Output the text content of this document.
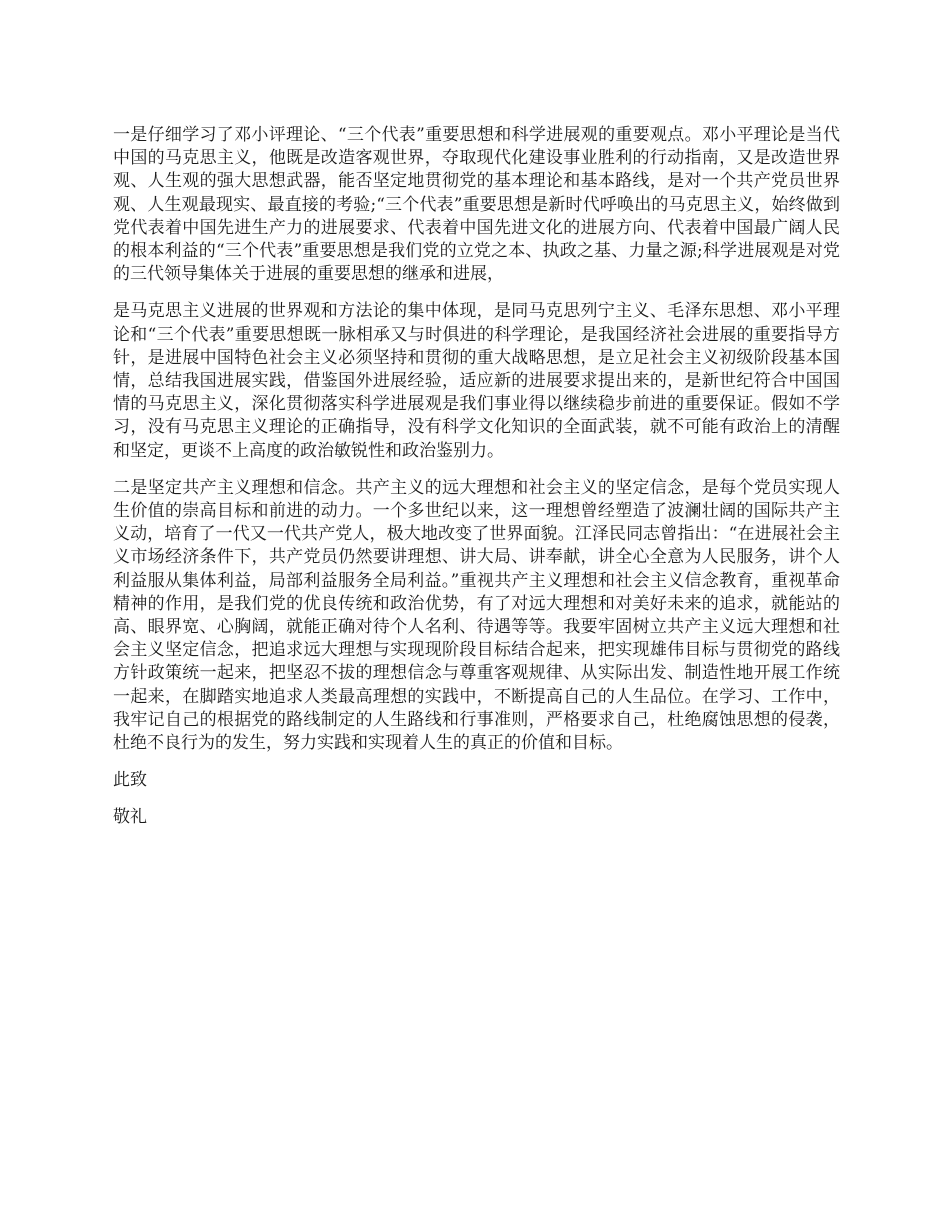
一是仔细学习了邓小评理论、“三个代表”重要思想和科学进展观的重要观点。邓小平理论是当代中国的马克思主义，他既是改造客观世界，夺取现代化建设事业胜利的行动指南，又是改造世界观、人生观的强大思想武器，能否坚定地贯彻党的基本理论和基本路线，是对一个共产党员世界观、人生观最现实、最直接的考验;“三个代表”重要思想是新时代呼唤出的马克思主义，始终做到党代表着中国先进生产力的进展要求、代表着中国先进文化的进展方向、代表着中国最广阔人民的根本利益的“三个代表”重要思想是我们党的立党之本、执政之基、力量之源;科学进展观是对党的三代领导集体关于进展的重要思想的继承和进展，

是马克思主义进展的世界观和方法论的集中体现，是同马克思列宁主义、毛泽东思想、邓小平理论和“三个代表”重要思想既一脉相承又与时俱进的科学理论，是我国经济社会进展的重要指导方针，是进展中国特色社会主义必须坚持和贯彻的重大战略思想，是立足社会主义初级阶段基本国情，总结我国进展实践，借鉴国外进展经验，适应新的进展要求提出来的，是新世纪符合中国国情的马克思主义，深化贯彻落实科学进展观是我们事业得以继续稳步前进的重要保证。假如不学习，没有马克思主义理论的正确指导，没有科学文化知识的全面武装，就不可能有政治上的清醒和坚定，更谈不上高度的政治敏锐性和政治鉴别力。

二是坚定共产主义理想和信念。共产主义的远大理想和社会主义的坚定信念，是每个党员实现人生价值的崇高目标和前进的动力。一个多世纪以来，这一理想曾经塑造了波澜壮阔的国际共产主义动，培育了一代又一代共产党人，极大地改变了世界面貌。江泽民同志曾指出：“在进展社会主义市场经济条件下，共产党员仍然要讲理想、讲大局、讲奉献，讲全心全意为人民服务，讲个人利益服从集体利益，局部利益服务全局利益。”重视共产主义理想和社会主义信念教育，重视革命精神的作用，是我们党的优良传统和政治优势，有了对远大理想和对美好未来的追求，就能站的高、眼界宽、心胸阔，就能正确对待个人名利、待遇等等。我要牢固树立共产主义远大理想和社会主义坚定信念，把追求远大理想与实现现阶段目标结合起来，把实现雄伟目标与贯彻党的路线方针政策统一起来，把坚忍不拔的理想信念与尊重客观规律、从实际出发、制造性地开展工作统一起来，在脚踏实地追求人类最高理想的实践中，不断提高自己的人生品位。在学习、工作中，我牢记自己的根据党的路线制定的人生路线和行事准则，严格要求自己，杜绝腐蚀思想的侵袭，杜绝不良行为的发生，努力实践和实现着人生的真正的价值和目标。

此致

敬礼
